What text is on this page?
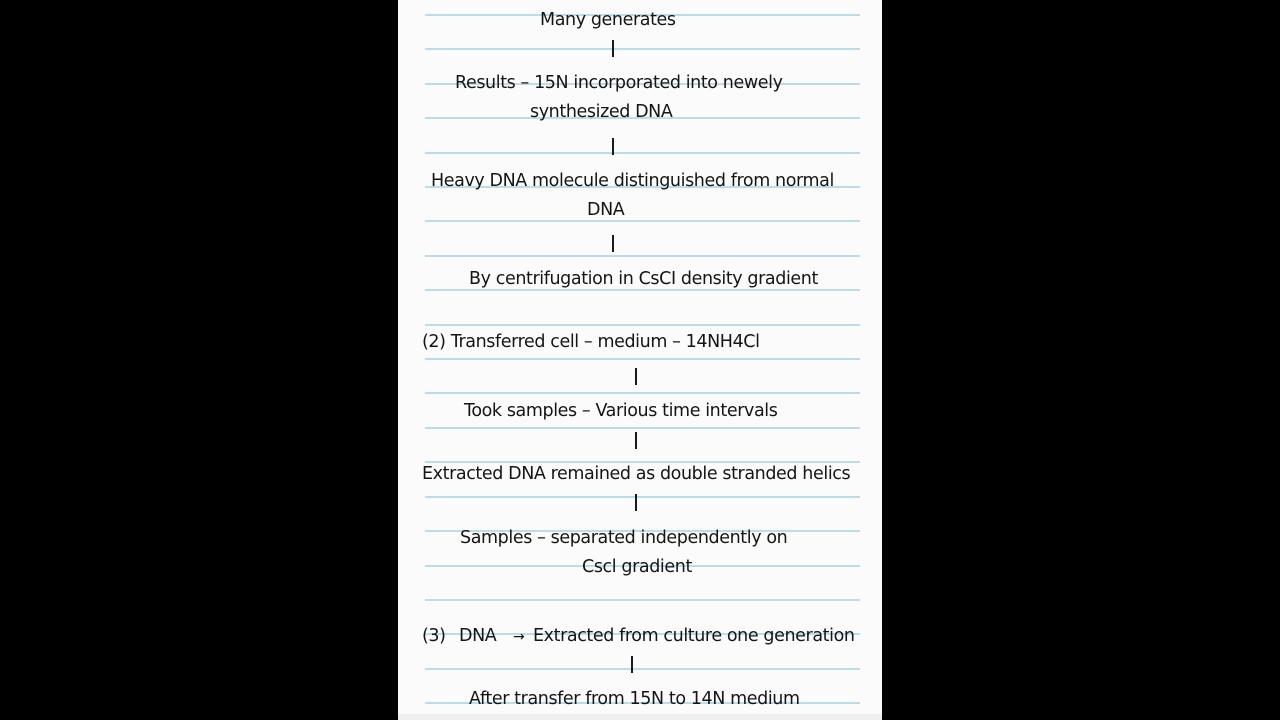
Many generates
Results – 15N incorporated into newely
synthesized DNA
Heavy DNA molecule distinguished from normal
DNA
By centrifugation in CsCI density gradient
(2) Transferred cell – medium – 14NH4Cl
Took samples – Various time intervals
Extracted DNA remained as double stranded helics
Samples – separated independently on
Cscl gradient
(3) DNA → Extracted from culture one generation
After transfer from 15N to 14N medium
